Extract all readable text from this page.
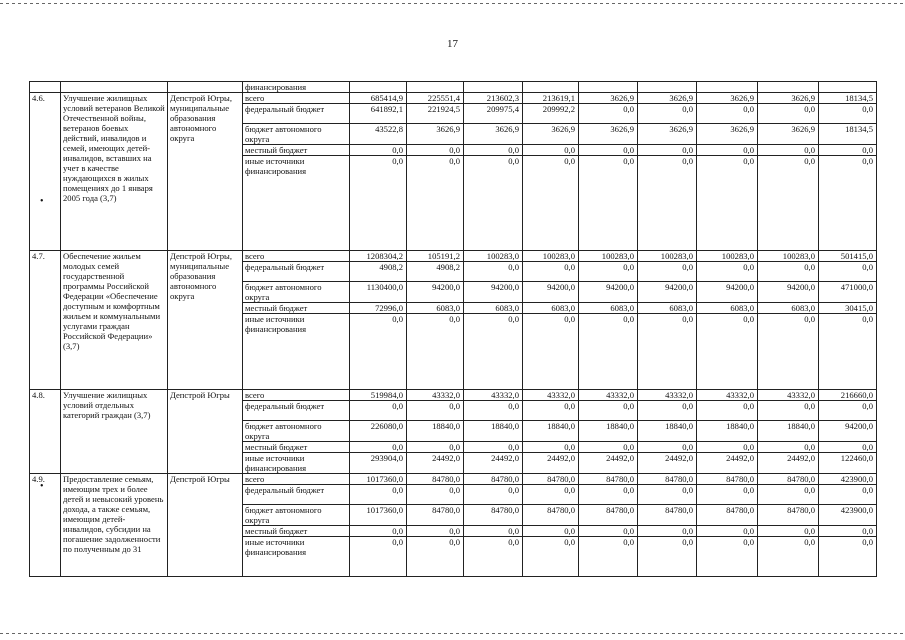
17
			финансирования									
4.6.	Улучшение жилищных условий ветеранов Великой Отечественной войны, ветеранов боевых действий, инвалидов и семей, имеющих детей-инвалидов, вставших на учет в качестве нуждающихся в жилых помещениях до 1 января 2005 года (3,7)	Депстрой Югры, муниципальные образования автономного округа	всего	685414,9	225551,4	213602,3	213619,1	3626,9	3626,9	3626,9	3626,9	18134,5
			федеральный бюджет	641892,1	221924,5	209975,4	209992,2	0,0	0,0	0,0	0,0	0,0
			бюджет автономного округа	43522,8	3626,9	3626,9	3626,9	3626,9	3626,9	3626,9	3626,9	18134,5
			местный бюджет	0,0	0,0	0,0	0,0	0,0	0,0	0,0	0,0	0,0
			иные источники финансирования	0,0	0,0	0,0	0,0	0,0	0,0	0,0	0,0	0,0
4.7.	Обеспечение жильем молодых семей государственной программы Российской Федерации «Обеспечение доступным и комфортным жильем и коммунальными услугами граждан Российской Федерации» (3,7)	Депстрой Югры, муниципальные образования автономного округа	всего	1208304,2	105191,2	100283,0	100283,0	100283,0	100283,0	100283,0	100283,0	501415,0
			федеральный бюджет	4908,2	4908,2	0,0	0,0	0,0	0,0	0,0	0,0	0,0
			бюджет автономного округа	1130400,0	94200,0	94200,0	94200,0	94200,0	94200,0	94200,0	94200,0	471000,0
			местный бюджет	72996,0	6083,0	6083,0	6083,0	6083,0	6083,0	6083,0	6083,0	30415,0
			иные источники финансирования	0,0	0,0	0,0	0,0	0,0	0,0	0,0	0,0	0,0
4.8.	Улучшение жилищных условий отдельных категорий граждан (3,7)	Депстрой Югры	всего	519984,0	43332,0	43332,0	43332,0	43332,0	43332,0	43332,0	43332,0	216660,0
			федеральный бюджет	0,0	0,0	0,0	0,0	0,0	0,0	0,0	0,0	0,0
			бюджет автономного округа	226080,0	18840,0	18840,0	18840,0	18840,0	18840,0	18840,0	18840,0	94200,0
			местный бюджет	0,0	0,0	0,0	0,0	0,0	0,0	0,0	0,0	0,0
			иные источники финансирования	293904,0	24492,0	24492,0	24492,0	24492,0	24492,0	24492,0	24492,0	122460,0
4.9.	Предоставление семьям, имеющим трех и более детей и невысокий уровень дохода, а также семьям, имеющим детей-инвалидов, субсидии на погашение задолженности по полученным до 31	Депстрой Югры	всего	1017360,0	84780,0	84780,0	84780,0	84780,0	84780,0	84780,0	84780,0	423900,0
			федеральный бюджет	0,0	0,0	0,0	0,0	0,0	0,0	0,0	0,0	0,0
			бюджет автономного округа	1017360,0	84780,0	84780,0	84780,0	84780,0	84780,0	84780,0	84780,0	423900,0
			местный бюджет	0,0	0,0	0,0	0,0	0,0	0,0	0,0	0,0	0,0
			иные источники финансирования	0,0	0,0	0,0	0,0	0,0	0,0	0,0	0,0	0,0
•
•
